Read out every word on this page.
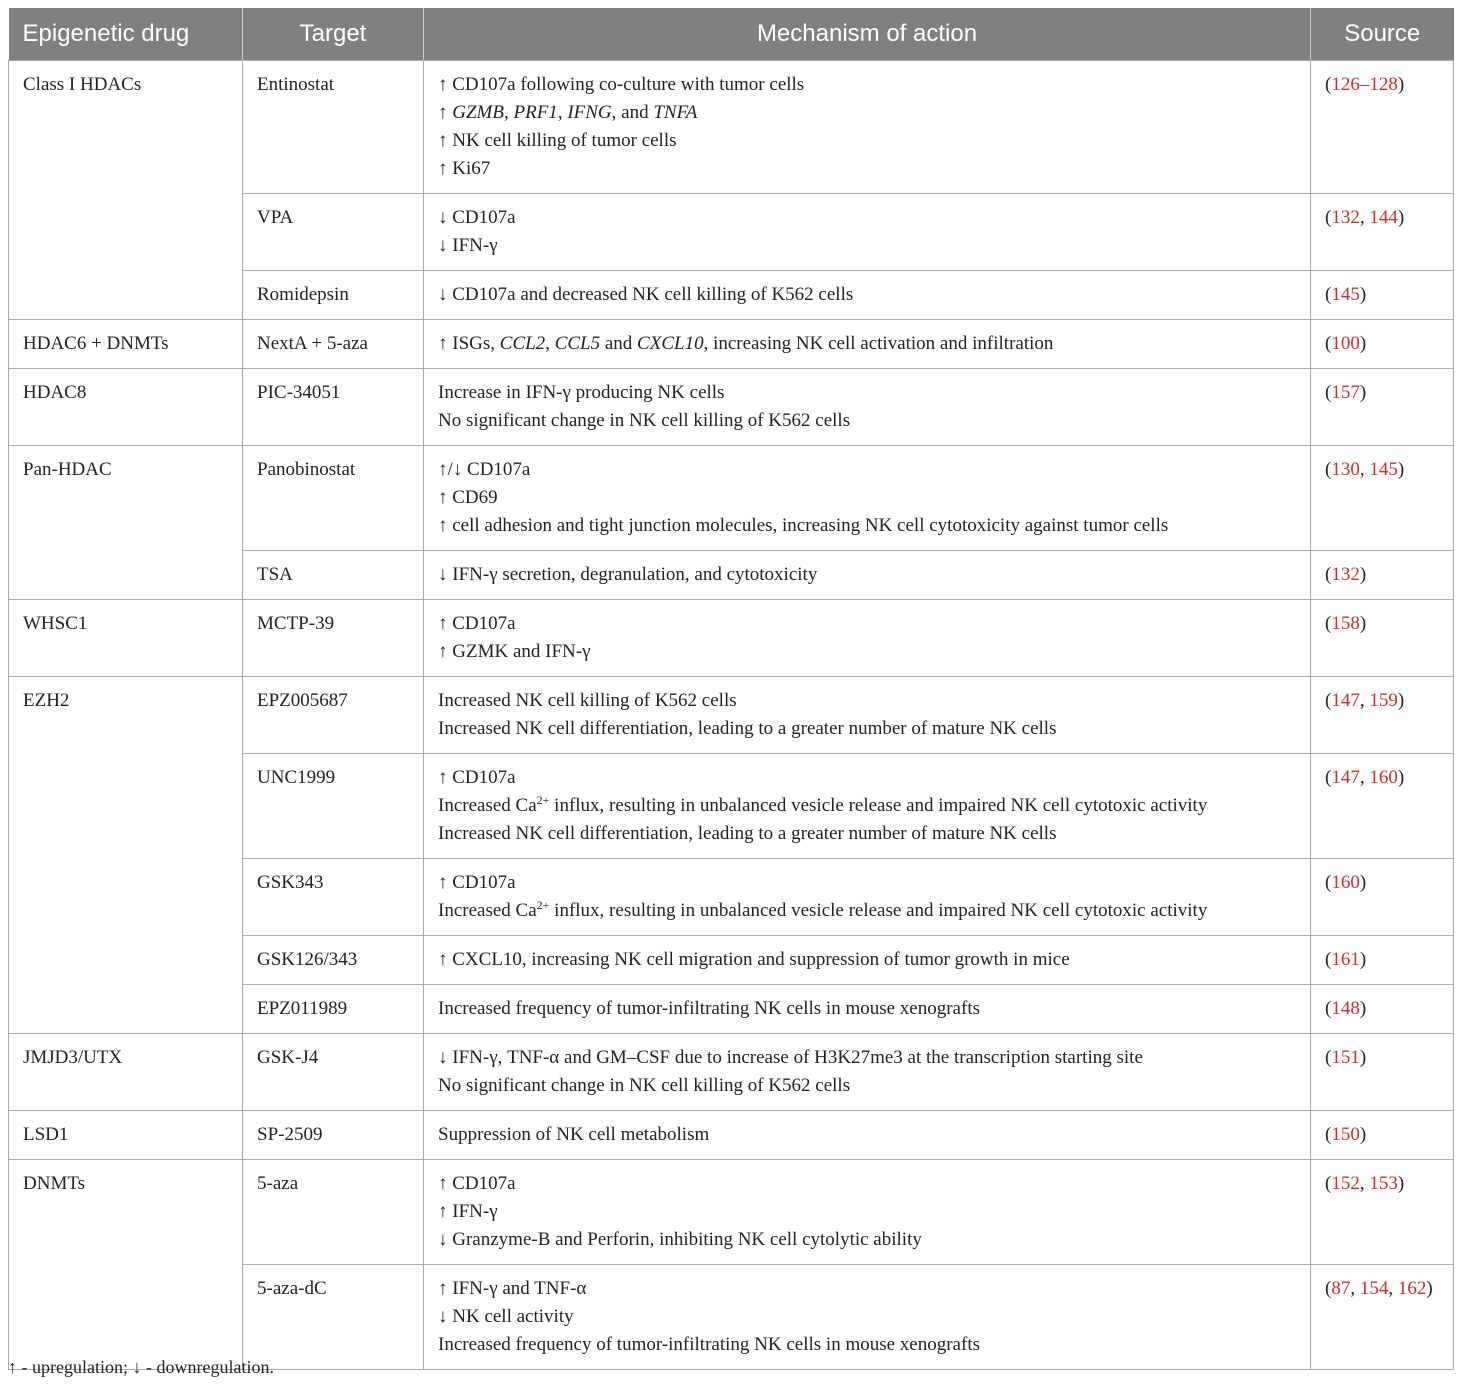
Epigenetic drug	Target	Mechanism of action	Source
Class I HDACs	Entinostat	↑ CD107a following co-culture with tumor cells
↑ GZMB, PRF1, IFNG, and TNFA
↑ NK cell killing of tumor cells
↑ Ki67	(126–128)
	VPA	↓ CD107a
↓ IFN-γ	(132, 144)
	Romidepsin	↓ CD107a and decreased NK cell killing of K562 cells	(145)
HDAC6 + DNMTs	NextA + 5-aza	↑ ISGs, CCL2, CCL5 and CXCL10, increasing NK cell activation and infiltration	(100)
HDAC8	PIC-34051	Increase in IFN-γ producing NK cells
No significant change in NK cell killing of K562 cells	(157)
Pan-HDAC	Panobinostat	↑/↓ CD107a
↑ CD69
↑ cell adhesion and tight junction molecules, increasing NK cell cytotoxicity against tumor cells	(130, 145)
	TSA	↓ IFN-γ secretion, degranulation, and cytotoxicity	(132)
WHSC1	MCTP-39	↑ CD107a
↑ GZMK and IFN-γ	(158)
EZH2	EPZ005687	Increased NK cell killing of K562 cells
Increased NK cell differentiation, leading to a greater number of mature NK cells	(147, 159)
	UNC1999	↑ CD107a
Increased $Ca^{2+}$ influx, resulting in unbalanced vesicle release and impaired NK cell cytotoxic activity
Increased NK cell differentiation, leading to a greater number of mature NK cells	(147, 160)
	GSK343	↑ CD107a
Increased $Ca^{2+}$ influx, resulting in unbalanced vesicle release and impaired NK cell cytotoxic activity	(160)
	GSK126/343	↑ CXCL10, increasing NK cell migration and suppression of tumor growth in mice	(161)
	EPZ011989	Increased frequency of tumor-infiltrating NK cells in mouse xenografts	(148)
JMJD3/UTX	GSK-J4	↓ IFN-γ, TNF-α and GM–CSF due to increase of H3K27me3 at the transcription starting site
No significant change in NK cell killing of K562 cells	(151)
LSD1	SP-2509	Suppression of NK cell metabolism	(150)
DNMTs	5-aza	↑ CD107a
↑ IFN-γ
↓ Granzyme-B and Perforin, inhibiting NK cell cytolytic ability	(152, 153)
	5-aza-dC	↑ IFN-γ and TNF-α
↓ NK cell activity
Increased frequency of tumor-infiltrating NK cells in mouse xenografts	(87, 154, 162)
↑ - upregulation; ↓ - downregulation.
